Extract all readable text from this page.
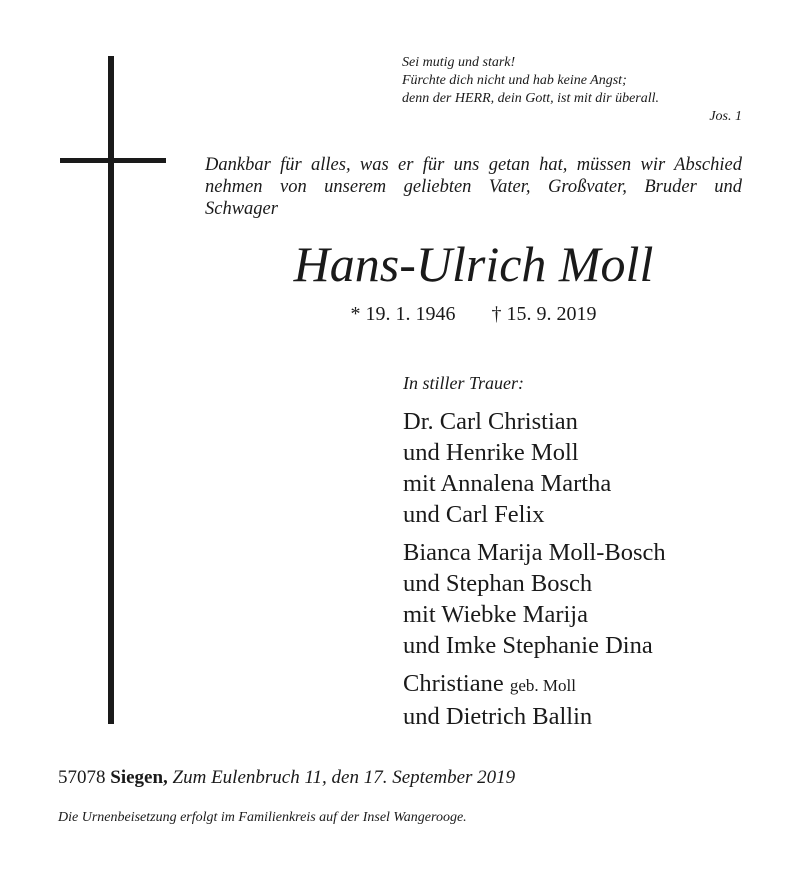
Sei mutig und stark!
Fürchte dich nicht und hab keine Angst;
denn der HERR, dein Gott, ist mit dir überall.
Jos. 1
Dankbar für alles, was er für uns getan hat, müssen wir Abschied
nehmen von unserem geliebten Vater, Großvater, Bruder und
Schwager
Hans-Ulrich Moll
* 19. 1. 1946 † 15. 9. 2019
In stiller Trauer:
Dr. Carl Christian
und Henrike Moll
mit Annalena Martha
und Carl Felix
Bianca Marija Moll-Bosch
und Stephan Bosch
mit Wiebke Marija
und Imke Stephanie Dina
Christiane geb. Moll
und Dietrich Ballin
57078 Siegen, Zum Eulenbruch 11, den 17. September 2019
Die Urnenbeisetzung erfolgt im Familienkreis auf der Insel Wangerooge.
